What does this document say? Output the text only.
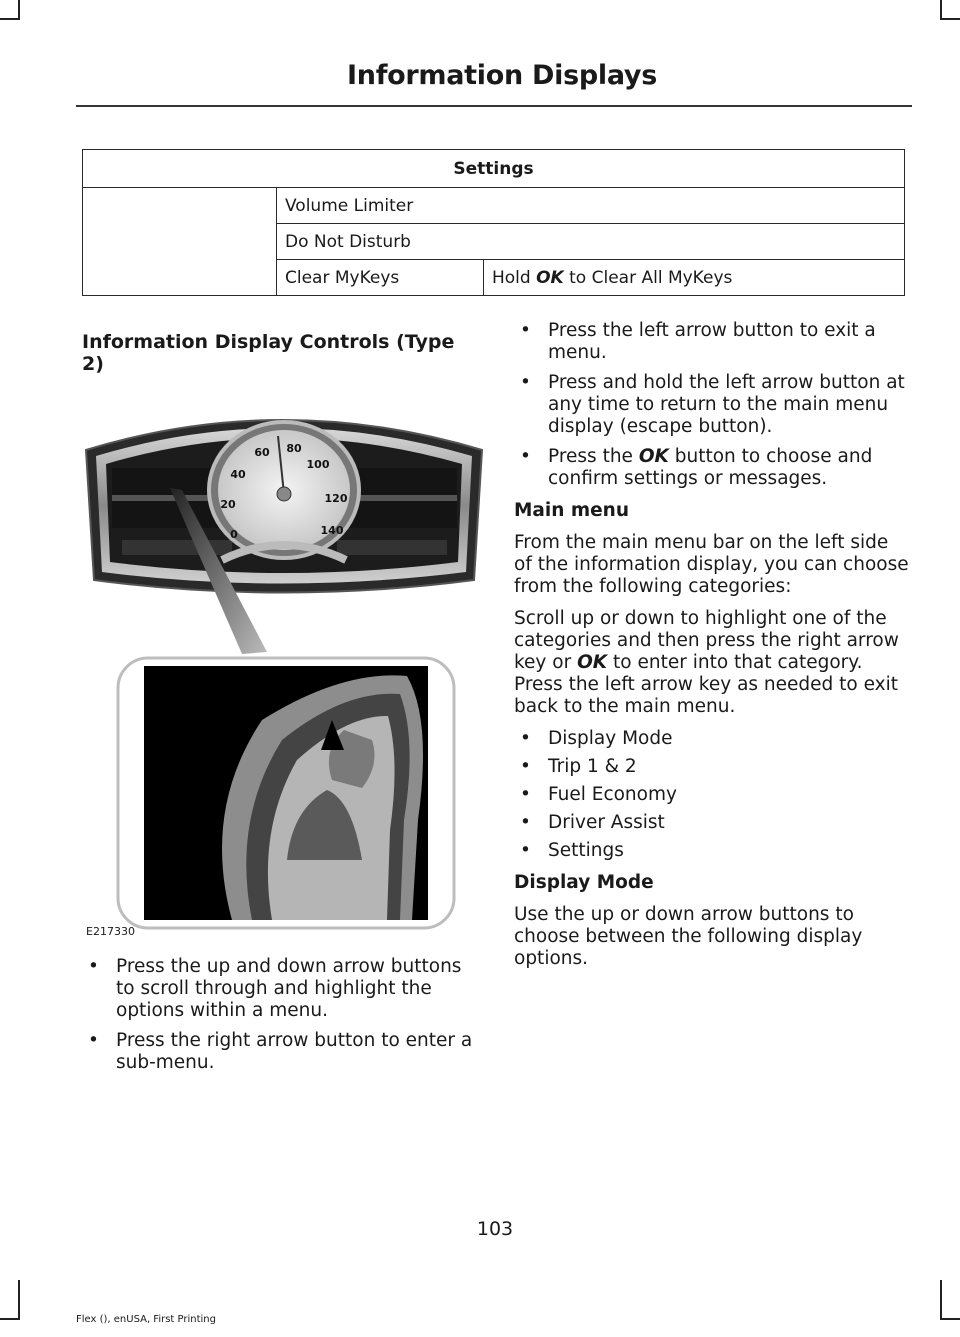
Information Displays
Settings		
	Volume Limiter	
	Do Not Disturb	
	Clear MyKeys	Hold OK to Clear All MyKeys
Information Display Controls (Type 2)
0
20
40
60 80
100
120
140
E217330
• Press the up and down arrow buttons to scroll through and highlight the options within a menu.
• Press the right arrow button to enter a sub-menu.
• Press the left arrow button to exit a menu.
• Press and hold the left arrow button at any time to return to the main menu display (escape button).
• Press the OK button to choose and confirm settings or messages.
Main menu
From the main menu bar on the left side of the information display, you can choose from the following categories:
Scroll up or down to highlight one of the categories and then press the right arrow key or OK to enter into that category. Press the left arrow key as needed to exit back to the main menu.
• Display Mode
• Trip 1 & 2
• Fuel Economy
• Driver Assist
• Settings
Display Mode
Use the up or down arrow buttons to choose between the following display options.
103
Flex (), enUSA, First Printing
